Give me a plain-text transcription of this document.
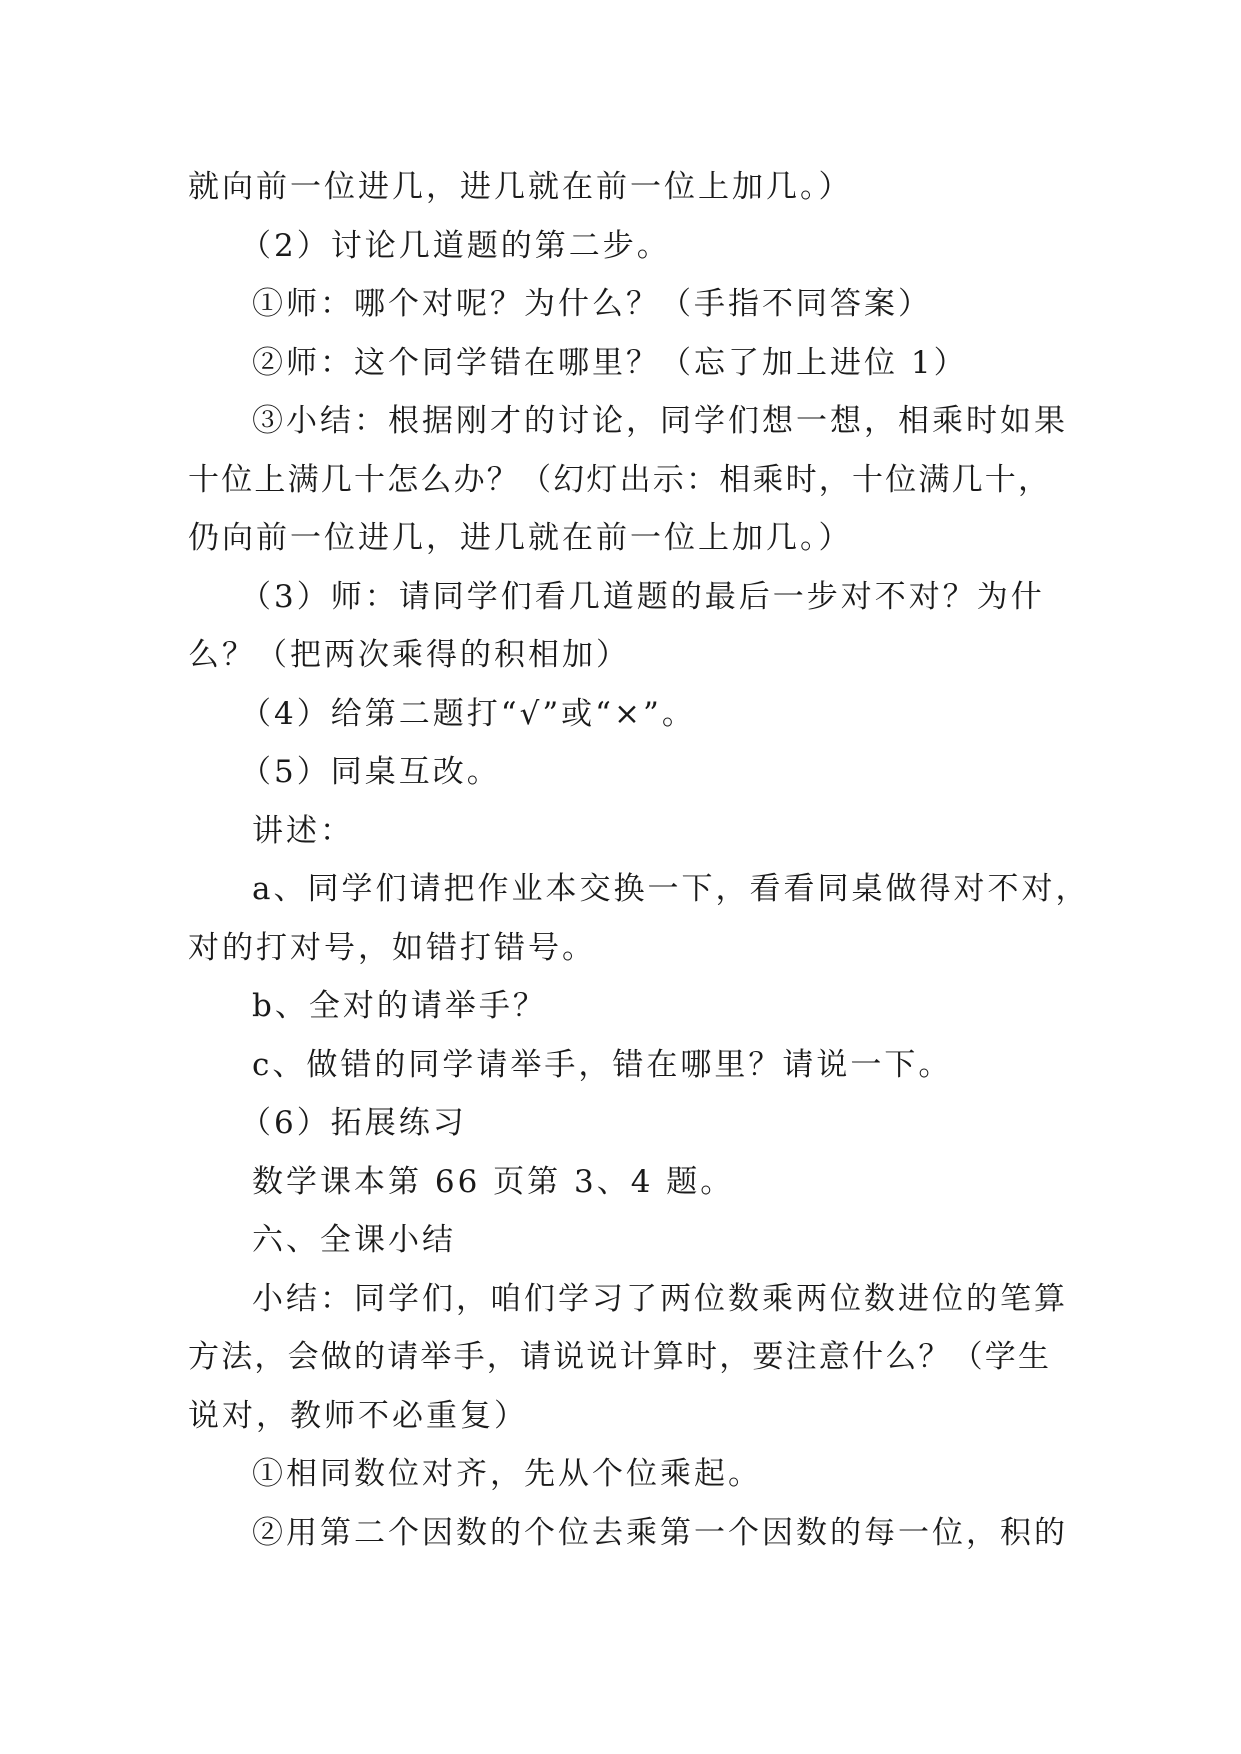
就向前一位进几，进几就在前一位上加几。）
（2）讨论几道题的第二步。
①师：哪个对呢？为什么？（手指不同答案）
②师：这个同学错在哪里？（忘了加上进位 1）
③小结：根据刚才的讨论，同学们想一想，相乘时如果
十位上满几十怎么办？（幻灯出示：相乘时，十位满几十，
仍向前一位进几，进几就在前一位上加几。）
（3）师：请同学们看几道题的最后一步对不对？为什
么？（把两次乘得的积相加）
（4）给第二题打“√”或“×”。
（5）同桌互改。
讲述：
a、同学们请把作业本交换一下，看看同桌做得对不对，
对的打对号，如错打错号。
b、全对的请举手？
c、做错的同学请举手，错在哪里？请说一下。
（6）拓展练习
数学课本第 66 页第 3、4 题。
六、全课小结
小结：同学们，咱们学习了两位数乘两位数进位的笔算
方法，会做的请举手，请说说计算时，要注意什么？（学生
说对，教师不必重复）
①相同数位对齐，先从个位乘起。
②用第二个因数的个位去乘第一个因数的每一位，积的
